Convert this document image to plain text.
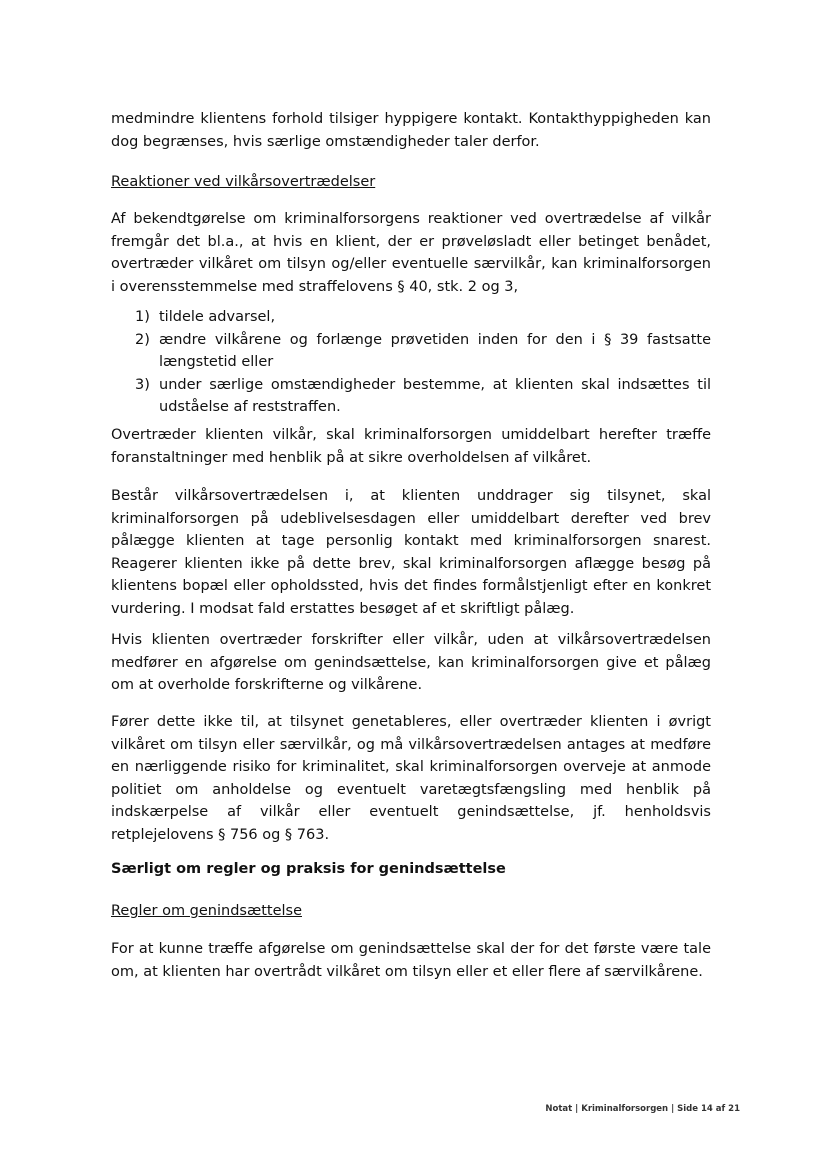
medmindre klientens forhold tilsiger hyppigere kontakt. Kontakthyppigheden kan dog begrænses, hvis særlige omstændigheder taler derfor.

Reaktioner ved vilkårsovertrædelser

Af bekendtgørelse om kriminalforsorgens reaktioner ved overtrædelse af vilkår fremgår det bl.a., at hvis en klient, der er prøveløsladt eller betinget benådet, overtræder vilkåret om tilsyn og/eller eventuelle særvilkår, kan kriminalforsorgen i overensstemmelse med straffelovens § 40, stk. 2 og 3,

1) tildele advarsel,
2) ændre vilkårene og forlænge prøvetiden inden for den i § 39 fastsatte længstetid eller
3) under særlige omstændigheder bestemme, at klienten skal indsættes til udståelse af reststraffen.

Overtræder klienten vilkår, skal kriminalforsorgen umiddelbart herefter træffe foranstaltninger med henblik på at sikre overholdelsen af vilkåret.

Består vilkårsovertrædelsen i, at klienten unddrager sig tilsynet, skal kriminalforsorgen på udeblivelsesdagen eller umiddelbart derefter ved brev pålægge klienten at tage personlig kontakt med kriminalforsorgen snarest. Reagerer klienten ikke på dette brev, skal kriminalforsorgen aflægge besøg på klientens bopæl eller opholdssted, hvis det findes formålstjenligt efter en konkret vurdering. I modsat fald erstattes besøget af et skriftligt pålæg.

Hvis klienten overtræder forskrifter eller vilkår, uden at vilkårsovertrædelsen medfører en afgørelse om genindsættelse, kan kriminalforsorgen give et pålæg om at overholde forskrifterne og vilkårene.

Fører dette ikke til, at tilsynet genetableres, eller overtræder klienten i øvrigt vilkåret om tilsyn eller særvilkår, og må vilkårsovertrædelsen antages at medføre en nærliggende risiko for kriminalitet, skal kriminalforsorgen overveje at anmode politiet om anholdelse og eventuelt varetægtsfængsling med henblik på indskærpelse af vilkår eller eventuelt genindsættelse, jf. henholdsvis retplejelovens § 756 og § 763.

Særligt om regler og praksis for genindsættelse

Regler om genindsættelse

For at kunne træffe afgørelse om genindsættelse skal der for det første være tale om, at klienten har overtrådt vilkåret om tilsyn eller et eller flere af særvilkårene.

Notat | Kriminalforsorgen | Side 14 af 21
